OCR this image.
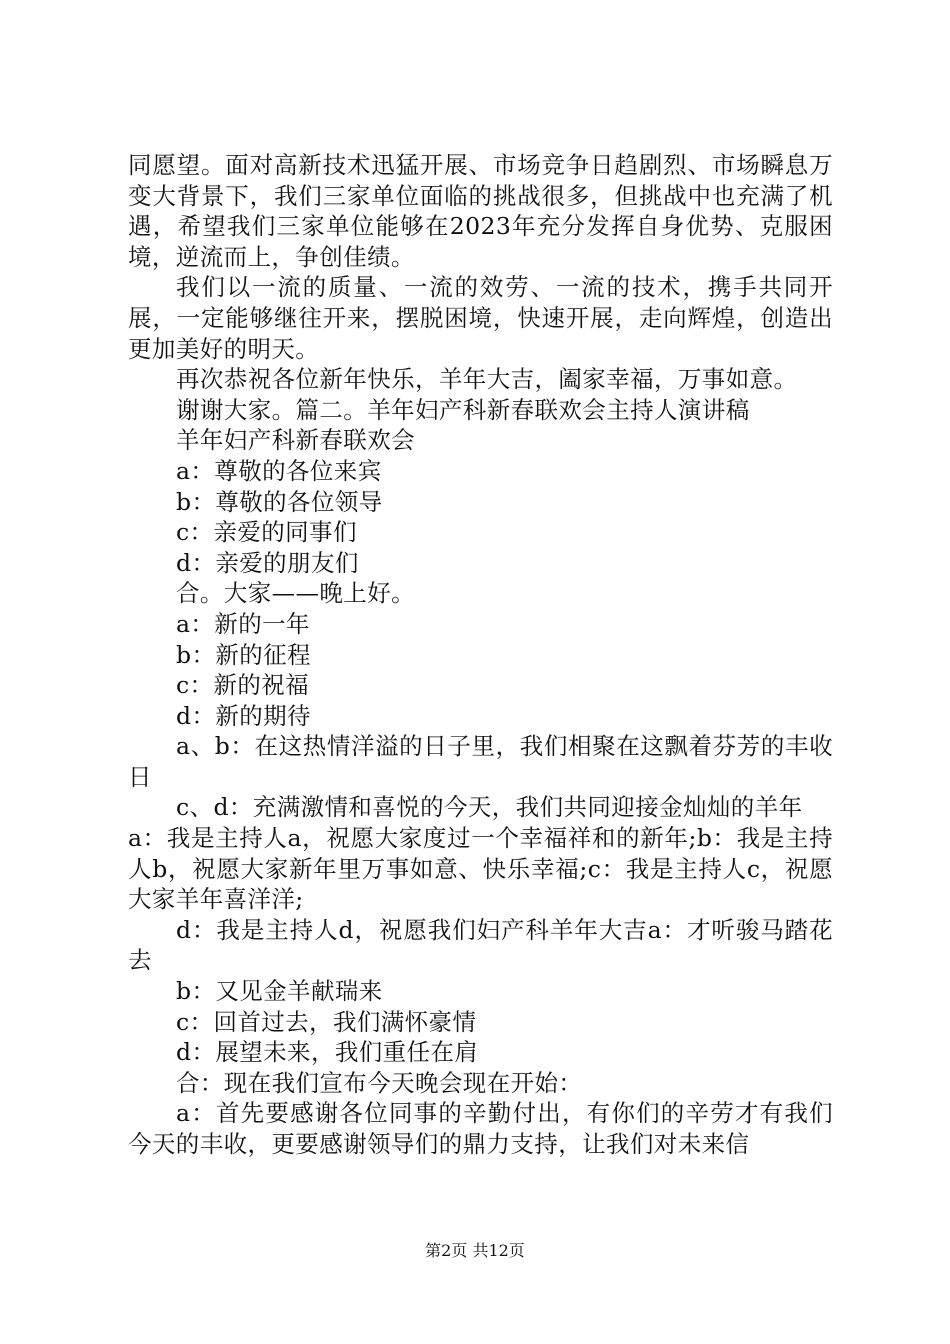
同愿望。面对高新技术迅猛开展、市场竞争日趋剧烈、市场瞬息万变大背景下，我们三家单位面临的挑战很多，但挑战中也充满了机遇，希望我们三家单位能够在2023年充分发挥自身优势、克服困境，逆流而上，争创佳绩。

我们以一流的质量、一流的效劳、一流的技术，携手共同开展，一定能够继往开来，摆脱困境，快速开展，走向辉煌，创造出更加美好的明天。

再次恭祝各位新年快乐，羊年大吉，阖家幸福，万事如意。

谢谢大家。篇二。羊年妇产科新春联欢会主持人演讲稿

羊年妇产科新春联欢会

a：尊敬的各位来宾

b：尊敬的各位领导

c：亲爱的同事们

d：亲爱的朋友们

合。大家——晚上好。

a：新的一年

b：新的征程

c：新的祝福

d：新的期待

a、b：在这热情洋溢的日子里，我们相聚在这飘着芬芳的丰收日

c、d：充满激情和喜悦的今天，我们共同迎接金灿灿的羊年

a：我是主持人a，祝愿大家度过一个幸福祥和的新年;b：我是主持人b，祝愿大家新年里万事如意、快乐幸福;c：我是主持人c，祝愿大家羊年喜洋洋;

d：我是主持人d，祝愿我们妇产科羊年大吉a：才听骏马踏花去

b：又见金羊献瑞来

c：回首过去，我们满怀豪情

d：展望未来，我们重任在肩

合：现在我们宣布今天晚会现在开始：

a：首先要感谢各位同事的辛勤付出，有你们的辛劳才有我们今天的丰收，更要感谢领导们的鼎力支持，让我们对未来信

第2页 共12页
